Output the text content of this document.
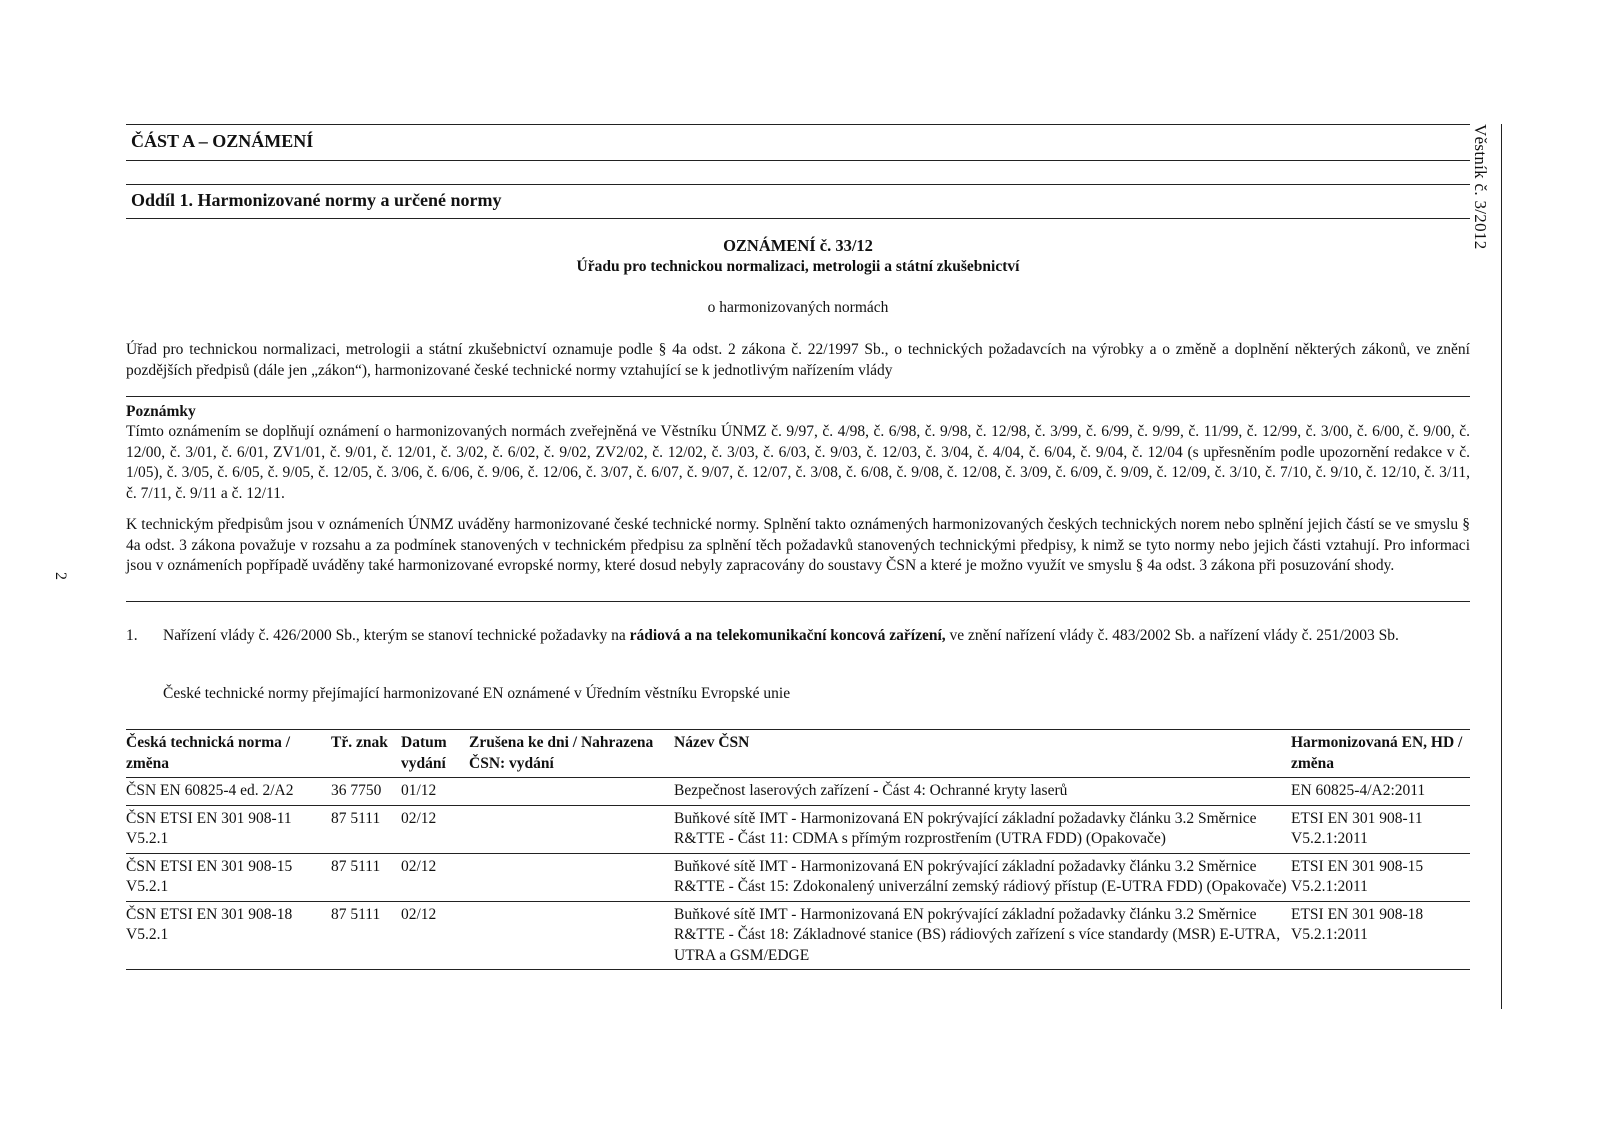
2
Věstník č. 3/2012
ČÁST A – OZNÁMENÍ
Oddíl 1. Harmonizované normy a určené normy
OZNÁMENÍ č. 33/12
Úřadu pro technickou normalizaci, metrologii a státní zkušebnictví
o harmonizovaných normách
Úřad pro technickou normalizaci, metrologii a státní zkušebnictví oznamuje podle § 4a odst. 2 zákona č. 22/1997 Sb., o technických požadavcích na výrobky a o změně a doplnění některých zákonů, ve znění pozdějších předpisů (dále jen „zákon“), harmonizované české technické normy vztahující se k jednotlivým nařízením vlády
Poznámky
Tímto oznámením se doplňují oznámení o harmonizovaných normách zveřejněná ve Věstníku ÚNMZ č. 9/97, č. 4/98, č. 6/98, č. 9/98, č. 12/98, č. 3/99, č. 6/99, č. 9/99, č. 11/99, č. 12/99, č. 3/00, č. 6/00, č. 9/00, č. 12/00, č. 3/01, č. 6/01, ZV1/01, č. 9/01, č. 12/01, č. 3/02, č. 6/02, č. 9/02, ZV2/02, č. 12/02, č. 3/03, č. 6/03, č. 9/03, č. 12/03, č. 3/04, č. 4/04, č. 6/04, č. 9/04, č. 12/04 (s upřesněním podle upozornění redakce v č. 1/05), č. 3/05, č. 6/05, č. 9/05, č. 12/05, č. 3/06, č. 6/06, č. 9/06, č. 12/06, č. 3/07, č. 6/07, č. 9/07, č. 12/07, č. 3/08, č. 6/08, č. 9/08, č. 12/08, č. 3/09, č. 6/09, č. 9/09, č. 12/09, č. 3/10, č. 7/10, č. 9/10, č. 12/10, č. 3/11, č. 7/11, č. 9/11 a č. 12/11.
K technickým předpisům jsou v oznámeních ÚNMZ uváděny harmonizované české technické normy. Splnění takto oznámených harmonizovaných českých technických norem nebo splnění jejich částí se ve smyslu § 4a odst. 3 zákona považuje v rozsahu a za podmínek stanovených v technickém předpisu za splnění těch požadavků stanovených technickými předpisy, k nimž se tyto normy nebo jejich části vztahují. Pro informaci jsou v oznámeních popřípadě uváděny také harmonizované evropské normy, které dosud nebyly zapracovány do soustavy ČSN a které je možno využít ve smyslu § 4a odst. 3 zákona při posuzování shody.
1. Nařízení vlády č. 426/2000 Sb., kterým se stanoví technické požadavky na rádiová a na telekomunikační koncová zařízení, ve znění nařízení vlády č. 483/2002 Sb. a nařízení vlády č. 251/2003 Sb.
České technické normy přejímající harmonizované EN oznámené v Úředním věstníku Evropské unie
Česká technická norma / změna	Tř. znak	Datum vydání	Zrušena ke dni / Nahrazena ČSN: vydání	Název ČSN	Harmonizovaná EN, HD / změna
ČSN EN 60825-4 ed. 2/A2	36 7750	01/12		Bezpečnost laserových zařízení - Část 4: Ochranné kryty laserů	EN 60825-4/A2:2011
ČSN ETSI EN 301 908-11 V5.2.1	87 5111	02/12		Buňkové sítě IMT - Harmonizovaná EN pokrývající základní požadavky článku 3.2 Směrnice R&TTE - Část 11: CDMA s přímým rozprostřením (UTRA FDD) (Opakovače)	ETSI EN 301 908-11 V5.2.1:2011
ČSN ETSI EN 301 908-15 V5.2.1	87 5111	02/12		Buňkové sítě IMT - Harmonizovaná EN pokrývající základní požadavky článku 3.2 Směrnice R&TTE - Část 15: Zdokonalený univerzální zemský rádiový přístup (E-UTRA FDD) (Opakovače)	ETSI EN 301 908-15 V5.2.1:2011
ČSN ETSI EN 301 908-18 V5.2.1	87 5111	02/12		Buňkové sítě IMT - Harmonizovaná EN pokrývající základní požadavky článku 3.2 Směrnice R&TTE - Část 18: Základnové stanice (BS) rádiových zařízení s více standardy (MSR) E-UTRA, UTRA a GSM/EDGE	ETSI EN 301 908-18 V5.2.1:2011
